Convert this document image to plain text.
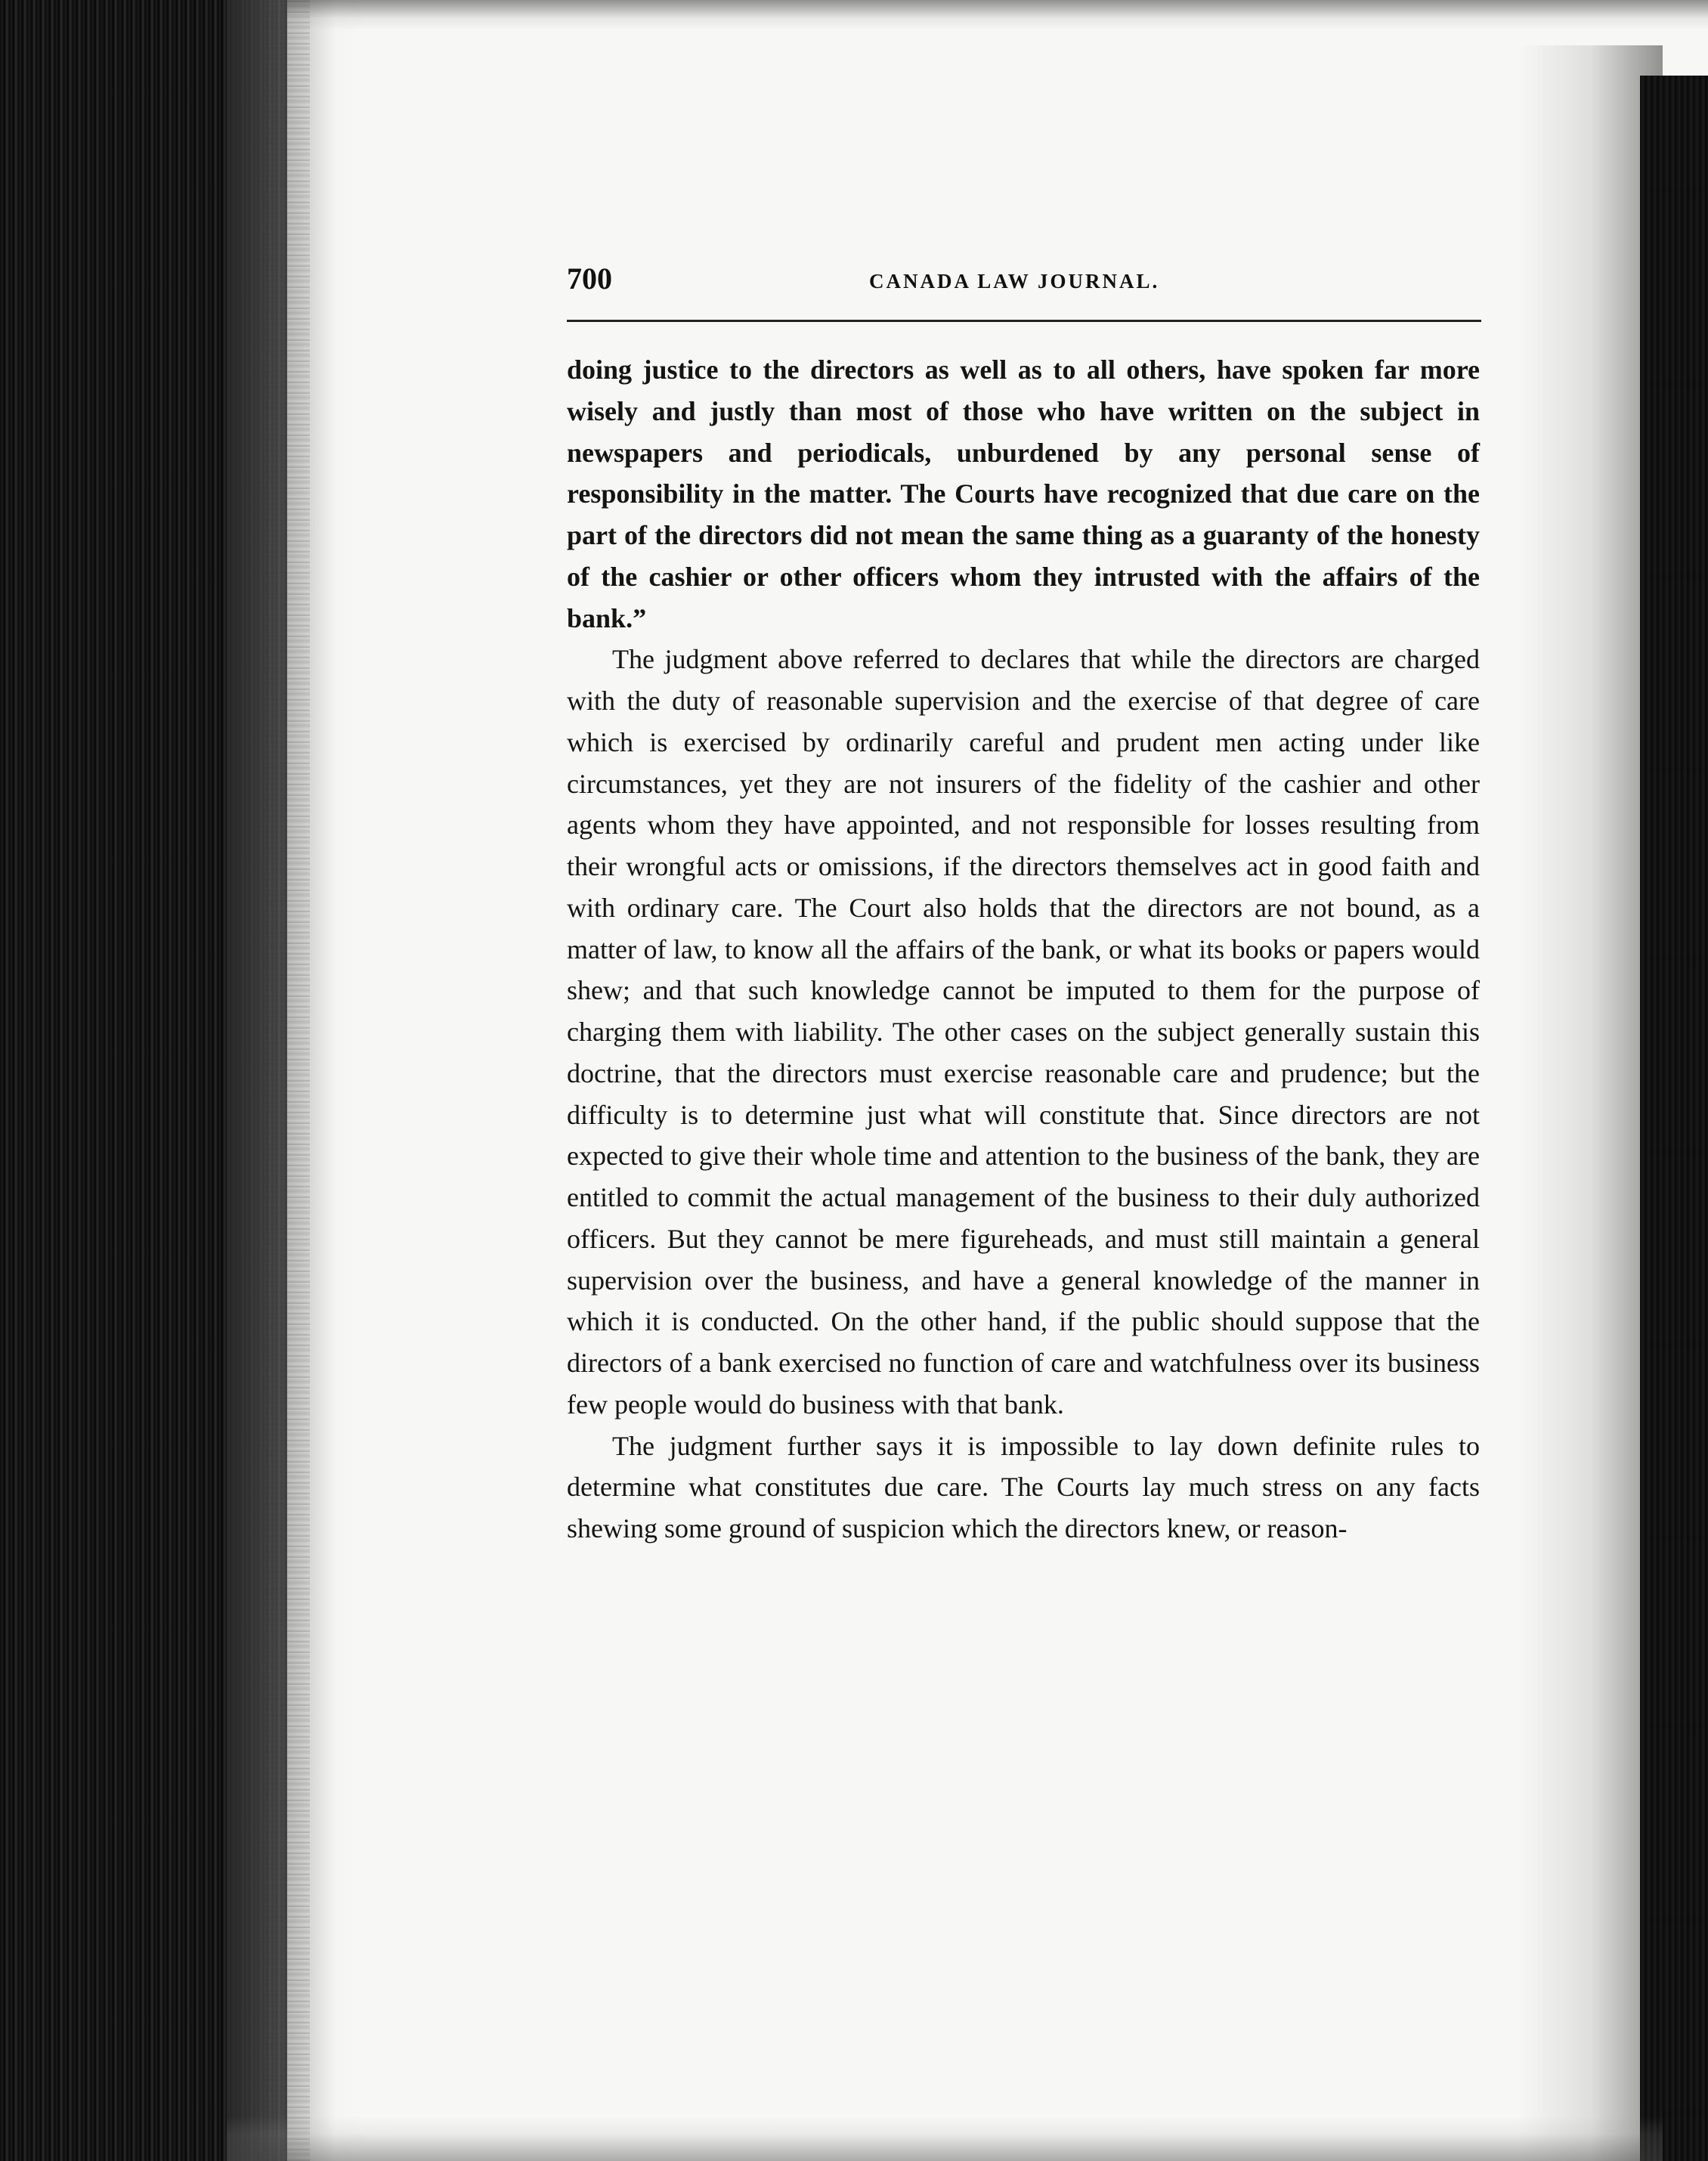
700	CANADA LAW JOURNAL.

doing justice to the directors as well as to all others, have spoken far more wisely and justly than most of those who have written on the subject in newspapers and periodicals, unburdened by any personal sense of responsibility in the matter. The Courts have recognized that due care on the part of the directors did not mean the same thing as a guaranty of the honesty of the cashier or other officers whom they intrusted with the affairs of the bank.”

The judgment above referred to declares that while the directors are charged with the duty of reasonable supervision and the exercise of that degree of care which is exercised by ordinarily careful and prudent men acting under like circumstances, yet they are not insurers of the fidelity of the cashier and other agents whom they have appointed, and not responsible for losses resulting from their wrongful acts or omissions, if the directors themselves act in good faith and with ordinary care. The Court also holds that the directors are not bound, as a matter of law, to know all the affairs of the bank, or what its books or papers would shew; and that such knowledge cannot be imputed to them for the purpose of charging them with liability. The other cases on the subject generally sustain this doctrine, that the directors must exercise reasonable care and prudence; but the difficulty is to determine just what will constitute that. Since directors are not expected to give their whole time and attention to the business of the bank, they are entitled to commit the actual management of the business to their duly authorized officers. But they cannot be mere figureheads, and must still maintain a general supervision over the business, and have a general knowledge of the manner in which it is conducted. On the other hand, if the public should suppose that the directors of a bank exercised no function of care and watchfulness over its business few people would do business with that bank.

The judgment further says it is impossible to lay down definite rules to determine what constitutes due care. The Courts lay much stress on any facts shewing some ground of suspicion which the directors knew, or reason-
